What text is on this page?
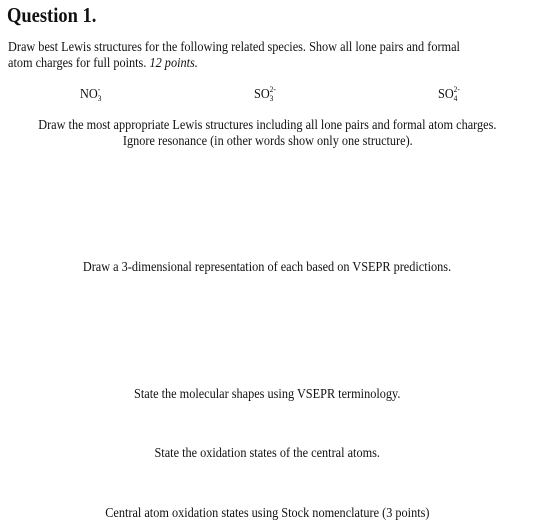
Question 1.
Draw best Lewis structures for the following related species. Show all lone pairs and formal
atom charges for full points. 12 points.
$NO_3^-$	$SO_3^{2-}$	$SO_4^{2-}$
Draw the most appropriate Lewis structures including all lone pairs and formal atom charges.
Ignore resonance (in other words show only one structure).
Draw a 3-dimensional representation of each based on VSEPR predictions.
State the molecular shapes using VSEPR terminology.
State the oxidation states of the central atoms.
Central atom oxidation states using Stock nomenclature (3 points)
